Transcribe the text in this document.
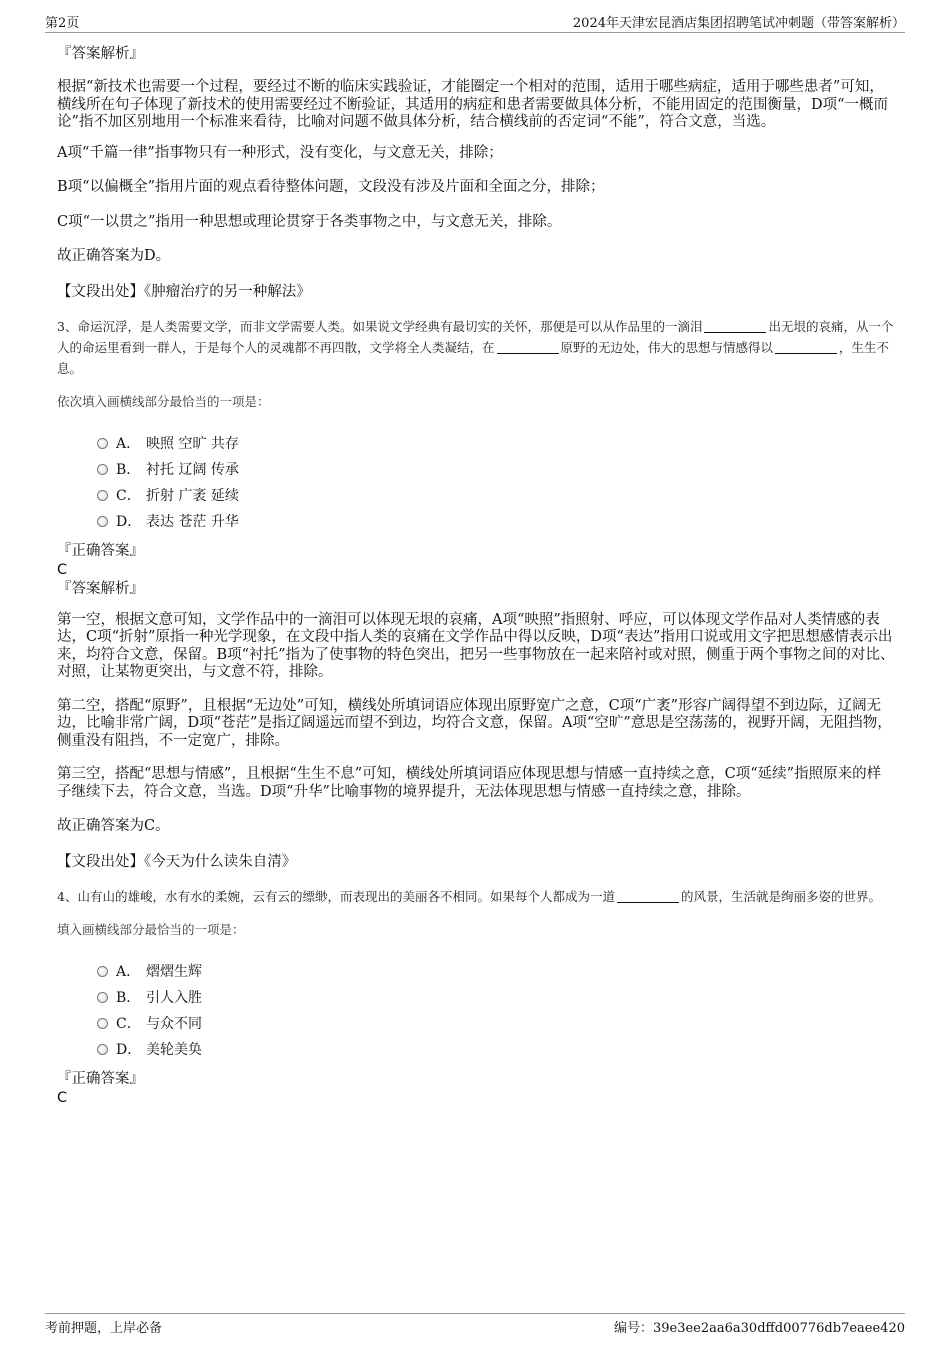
第2页	2024年天津宏昆酒店集团招聘笔试冲刺题（带答案解析）
『答案解析』
根据“新技术也需要一个过程，要经过不断的临床实践验证，才能圈定一个相对的范围，适用于哪些病症，适用于哪些患者”可知，横线所在句子体现了新技术的使用需要经过不断验证，其适用的病症和患者需要做具体分析，不能用固定的范围衡量，D项“一概而论”指不加区别地用一个标准来看待，比喻对问题不做具体分析，结合横线前的否定词“不能”，符合文意，当选。
A项“千篇一律”指事物只有一种形式，没有变化，与文意无关，排除；
B项“以偏概全”指用片面的观点看待整体问题，文段没有涉及片面和全面之分，排除；
C项“一以贯之”指用一种思想或理论贯穿于各类事物之中，与文意无关，排除。
故正确答案为D。
【文段出处】《肿瘤治疗的另一种解法》
3、命运沉浮，是人类需要文学，而非文学需要人类。如果说文学经典有最切实的关怀，那便是可以从作品里的一滴泪	出无垠的哀痛，从一个人的命运里看到一群人，于是每个人的灵魂都不再四散，文学将全人类凝结，在	原野的无边处，伟大的思想与情感得以	，生生不息。
依次填入画横线部分最恰当的一项是：
A． 映照 空旷 共存
B． 衬托 辽阔 传承
C． 折射 广袤 延续
D． 表达 苍茫 升华
『正确答案』
C
『答案解析』
第一空，根据文意可知，文学作品中的一滴泪可以体现无垠的哀痛，A项“映照”指照射、呼应，可以体现文学作品对人类情感的表达，C项“折射”原指一种光学现象，在文段中指人类的哀痛在文学作品中得以反映，D项“表达”指用口说或用文字把思想感情表示出来，均符合文意，保留。B项“衬托”指为了使事物的特色突出，把另一些事物放在一起来陪衬或对照，侧重于两个事物之间的对比、对照，让某物更突出，与文意不符，排除。
第二空，搭配“原野”，且根据“无边处”可知，横线处所填词语应体现出原野宽广之意，C项“广袤”形容广阔得望不到边际，辽阔无边，比喻非常广阔，D项“苍茫”是指辽阔遥远而望不到边，均符合文意，保留。A项“空旷”意思是空荡荡的，视野开阔，无阻挡物，侧重没有阻挡，不一定宽广，排除。
第三空，搭配“思想与情感”，且根据“生生不息”可知，横线处所填词语应体现思想与情感一直持续之意，C项“延续”指照原来的样子继续下去，符合文意，当选。D项“升华”比喻事物的境界提升，无法体现思想与情感一直持续之意，排除。
故正确答案为C。
【文段出处】《今天为什么读朱自清》
4、山有山的雄峻，水有水的柔婉，云有云的缥缈，而表现出的美丽各不相同。如果每个人都成为一道	的风景，生活就是绚丽多姿的世界。
填入画横线部分最恰当的一项是：
A． 熠熠生辉
B． 引人入胜
C． 与众不同
D． 美轮美奂
『正确答案』
C
考前押题，上岸必备	编号：39e3ee2aa6a30dffd00776db7eaee420
